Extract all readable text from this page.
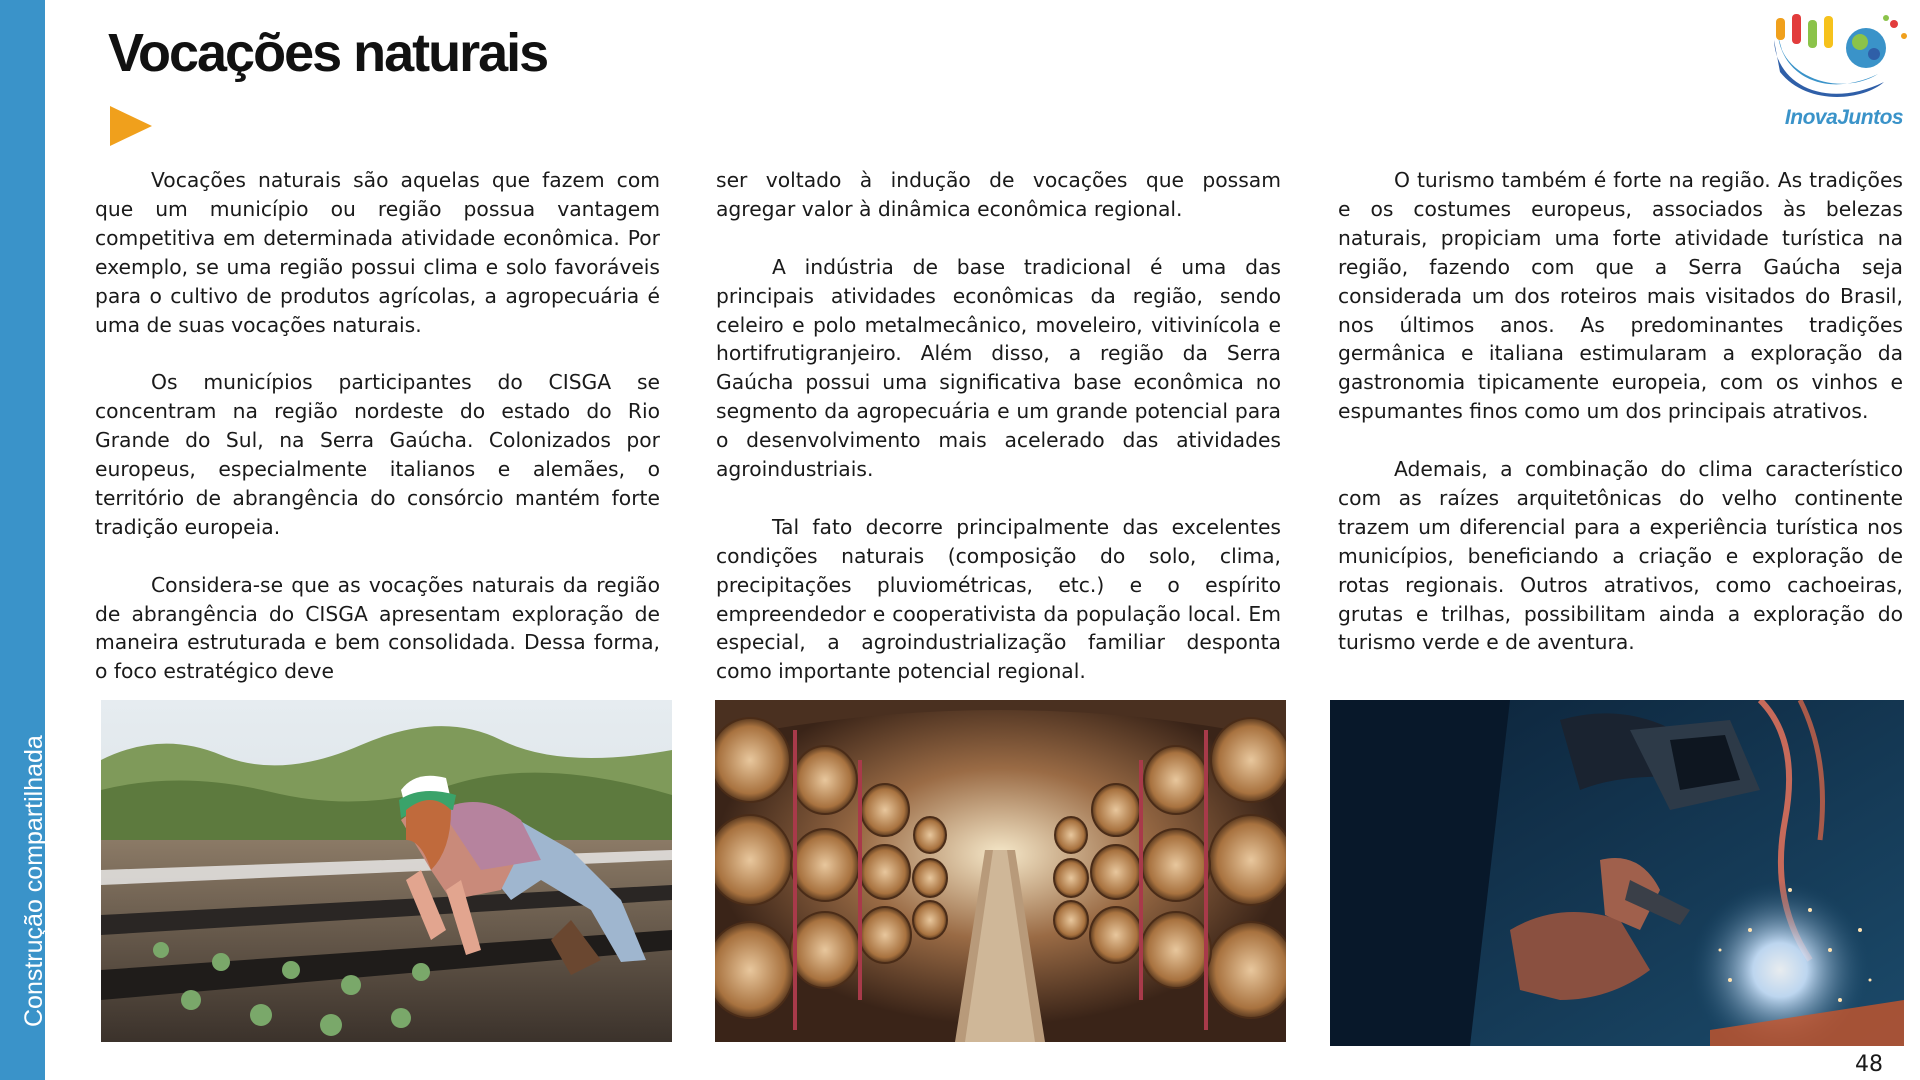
Construção compartilhada
Vocações naturais
InovaJuntos

Vocações naturais são aquelas que fazem com que um município ou região possua vantagem competitiva em determinada atividade econômica. Por exemplo, se uma região possui clima e solo favoráveis para o cultivo de produtos agrícolas, a agropecuária é uma de suas vocações naturais.

Os municípios participantes do CISGA se concentram na região nordeste do estado do Rio Grande do Sul, na Serra Gaúcha. Colonizados por europeus, especialmente italianos e alemães, o território de abrangência do consórcio mantém forte tradição europeia.

Considera-se que as vocações naturais da região de abrangência do CISGA apresentam exploração de maneira estruturada e bem consolidada. Dessa forma, o foco estratégico deve

ser voltado à indução de vocações que possam agregar valor à dinâmica econômica regional.

A indústria de base tradicional é uma das principais atividades econômicas da região, sendo celeiro e polo metalmecânico, moveleiro, vitivinícola e hortifrutigranjeiro. Além disso, a região da Serra Gaúcha possui uma significativa base econômica no segmento da agropecuária e um grande potencial para o desenvolvimento mais acelerado das atividades agroindustriais.

Tal fato decorre principalmente das excelentes condições naturais (composição do solo, clima, precipitações pluviométricas, etc.) e o espírito empreendedor e cooperativista da população local. Em especial, a agroindustrialização familiar desponta como importante potencial regional.

O turismo também é forte na região. As tradições e os costumes europeus, associados às belezas naturais, propiciam uma forte atividade turística na região, fazendo com que a Serra Gaúcha seja considerada um dos roteiros mais visitados do Brasil, nos últimos anos. As predominantes tradições germânica e italiana estimularam a exploração da gastronomia tipicamente europeia, com os vinhos e espumantes finos como um dos principais atrativos.

Ademais, a combinação do clima característico com as raízes arquitetônicas do velho continente trazem um diferencial para a experiência turística nos municípios, beneficiando a criação e exploração de rotas regionais. Outros atrativos, como cachoeiras, grutas e trilhas, possibilitam ainda a exploração do turismo verde e de aventura.

48
